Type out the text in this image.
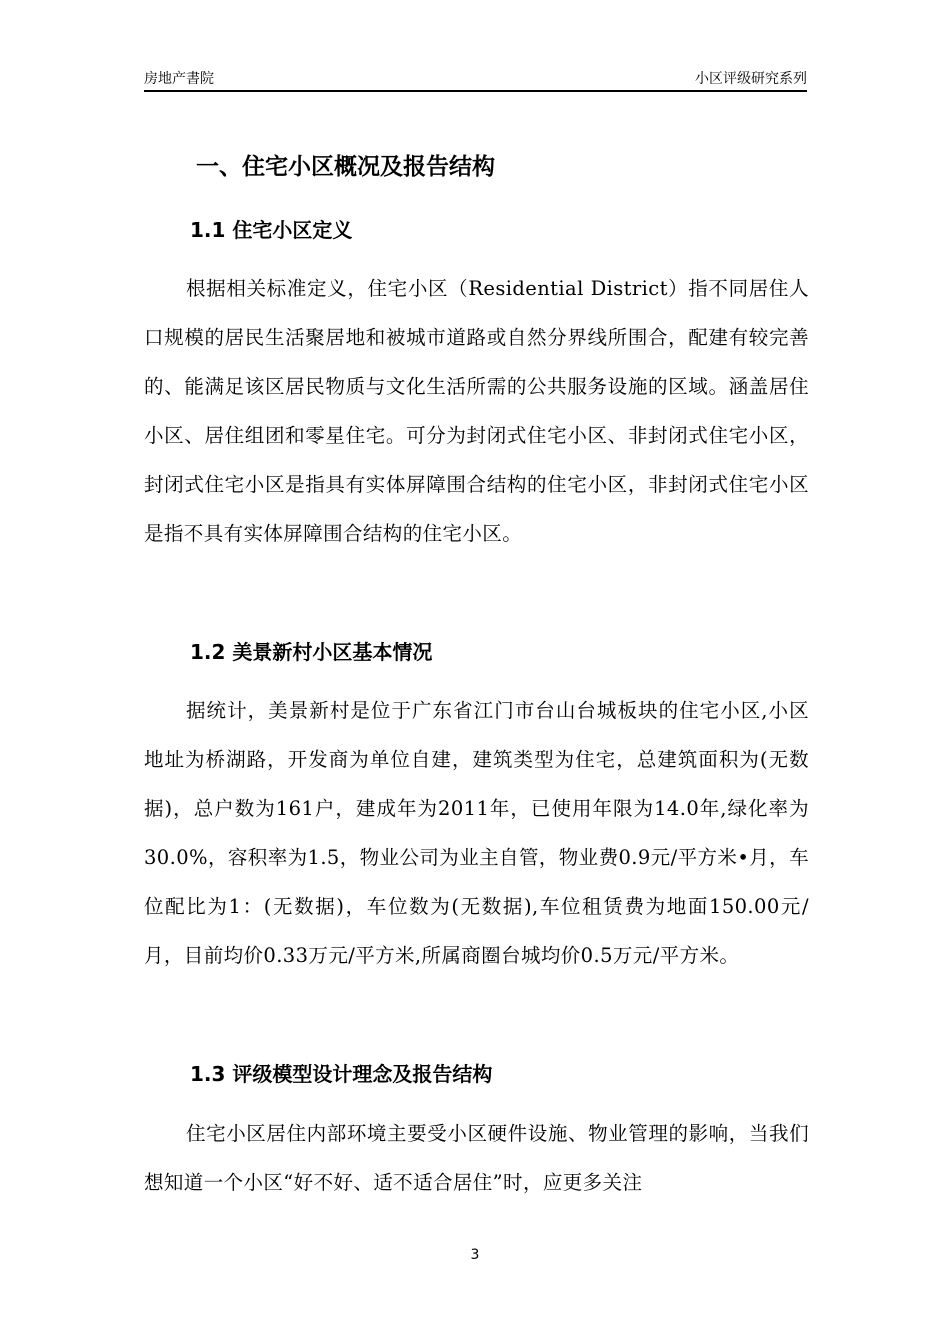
房地产書院	小区评级研究系列
一、住宅小区概况及报告结构
1.1 住宅小区定义

根据相关标准定义，住宅小区（Residential District）指不同居住人口规模的居民生活聚居地和被城市道路或自然分界线所围合，配建有较完善的、能满足该区居民物质与文化生活所需的公共服务设施的区域。涵盖居住小区、居住组团和零星住宅。可分为封闭式住宅小区、非封闭式住宅小区，封闭式住宅小区是指具有实体屏障围合结构的住宅小区，非封闭式住宅小区是指不具有实体屏障围合结构的住宅小区。

1.2 美景新村小区基本情况

据统计，美景新村是位于广东省江门市台山台城板块的住宅小区,小区地址为桥湖路，开发商为单位自建，建筑类型为住宅，总建筑面积为(无数据)，总户数为161户，建成年为2011年，已使用年限为14.0年,绿化率为30.0%，容积率为1.5，物业公司为业主自管，物业费0.9元/平方米•月，车位配比为1：(无数据)，车位数为(无数据),车位租赁费为地面150.00元/月，目前均价0.33万元/平方米,所属商圈台城均价0.5万元/平方米。

1.3 评级模型设计理念及报告结构

住宅小区居住内部环境主要受小区硬件设施、物业管理的影响，当我们想知道一个小区“好不好、适不适合居住”时，应更多关注

3
